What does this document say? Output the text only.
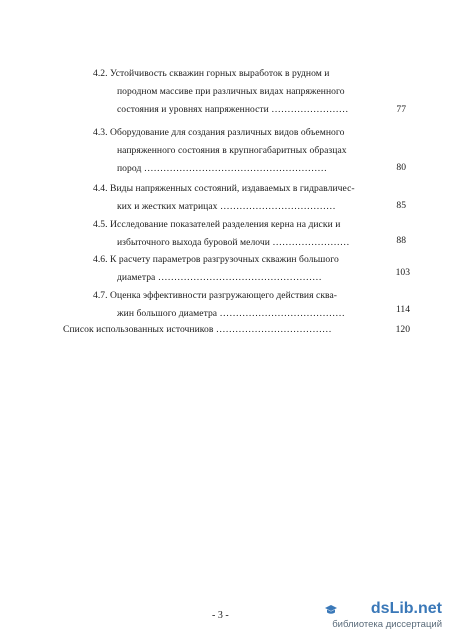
4.2. Устойчивость скважин горных выработок в рудном и
породном массиве при различных видах напряженного
состояния и уровнях напряженности ……………………	77
4.3. Оборудование для создания различных видов объемного
напряженного состояния в крупногабаритных образцах
пород …………………………………………………	80
4.4. Виды напряженных состояний, издаваемых в гидравличес-
ких и жестких матрицах ………………………………	85
4.5. Исследование показателей разделения керна на диски и
избыточного выхода буровой мелочи ……………………	88
4.6. К расчету параметров разгрузочных скважин большого
диаметра ……………………………………………	103
4.7. Оценка эффективности разгружающего действия сква-
жин большого диаметра …………………………………	114
Список использованных источников ………………………………	120
- 3 -	dsLib.net
библиотека диссертаций
